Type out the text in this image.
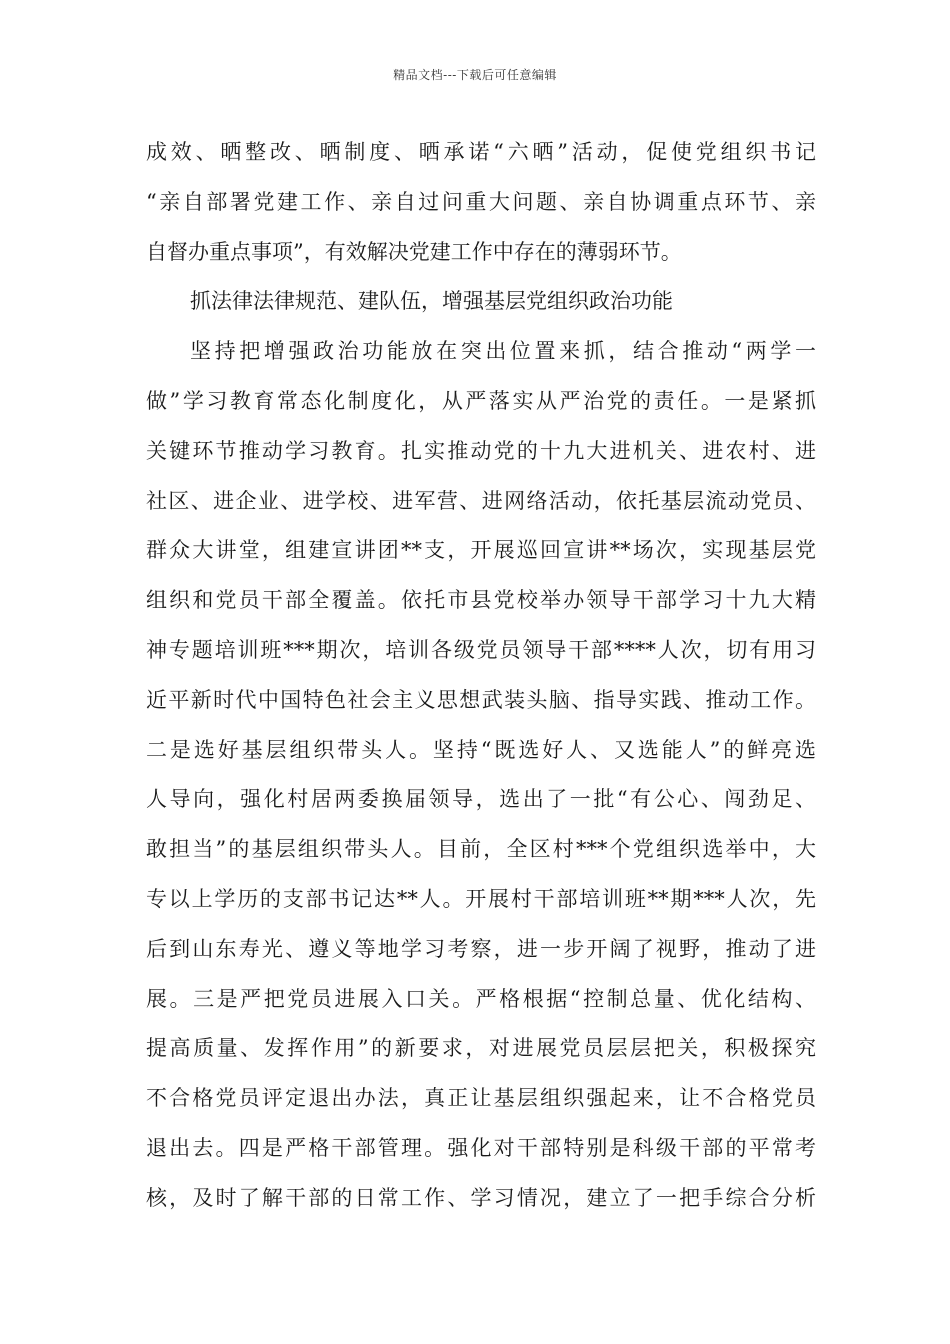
精品文档---下载后可任意编辑
成效、晒整改、晒制度、晒承诺“六晒”活动，促使党组织书记
“亲自部署党建工作、亲自过问重大问题、亲自协调重点环节、亲
自督办重点事项”，有效解决党建工作中存在的薄弱环节。
抓法律法律规范、建队伍，增强基层党组织政治功能
坚持把增强政治功能放在突出位置来抓，结合推动“两学一
做”学习教育常态化制度化，从严落实从严治党的责任。一是紧抓
关键环节推动学习教育。扎实推动党的十九大进机关、进农村、进
社区、进企业、进学校、进军营、进网络活动，依托基层流动党员、
群众大讲堂，组建宣讲团**支，开展巡回宣讲**场次，实现基层党
组织和党员干部全覆盖。依托市县党校举办领导干部学习十九大精
神专题培训班***期次，培训各级党员领导干部****人次，切有用习
近平新时代中国特色社会主义思想武装头脑、指导实践、推动工作。
二是选好基层组织带头人。坚持“既选好人、又选能人”的鲜亮选
人导向，强化村居两委换届领导，选出了一批“有公心、闯劲足、
敢担当”的基层组织带头人。目前，全区村***个党组织选举中，大
专以上学历的支部书记达**人。开展村干部培训班**期***人次，先
后到山东寿光、遵义等地学习考察，进一步开阔了视野，推动了进
展。三是严把党员进展入口关。严格根据“控制总量、优化结构、
提高质量、发挥作用”的新要求，对进展党员层层把关，积极探究
不合格党员评定退出办法，真正让基层组织强起来，让不合格党员
退出去。四是严格干部管理。强化对干部特别是科级干部的平常考
核，及时了解干部的日常工作、学习情况，建立了一把手综合分析
